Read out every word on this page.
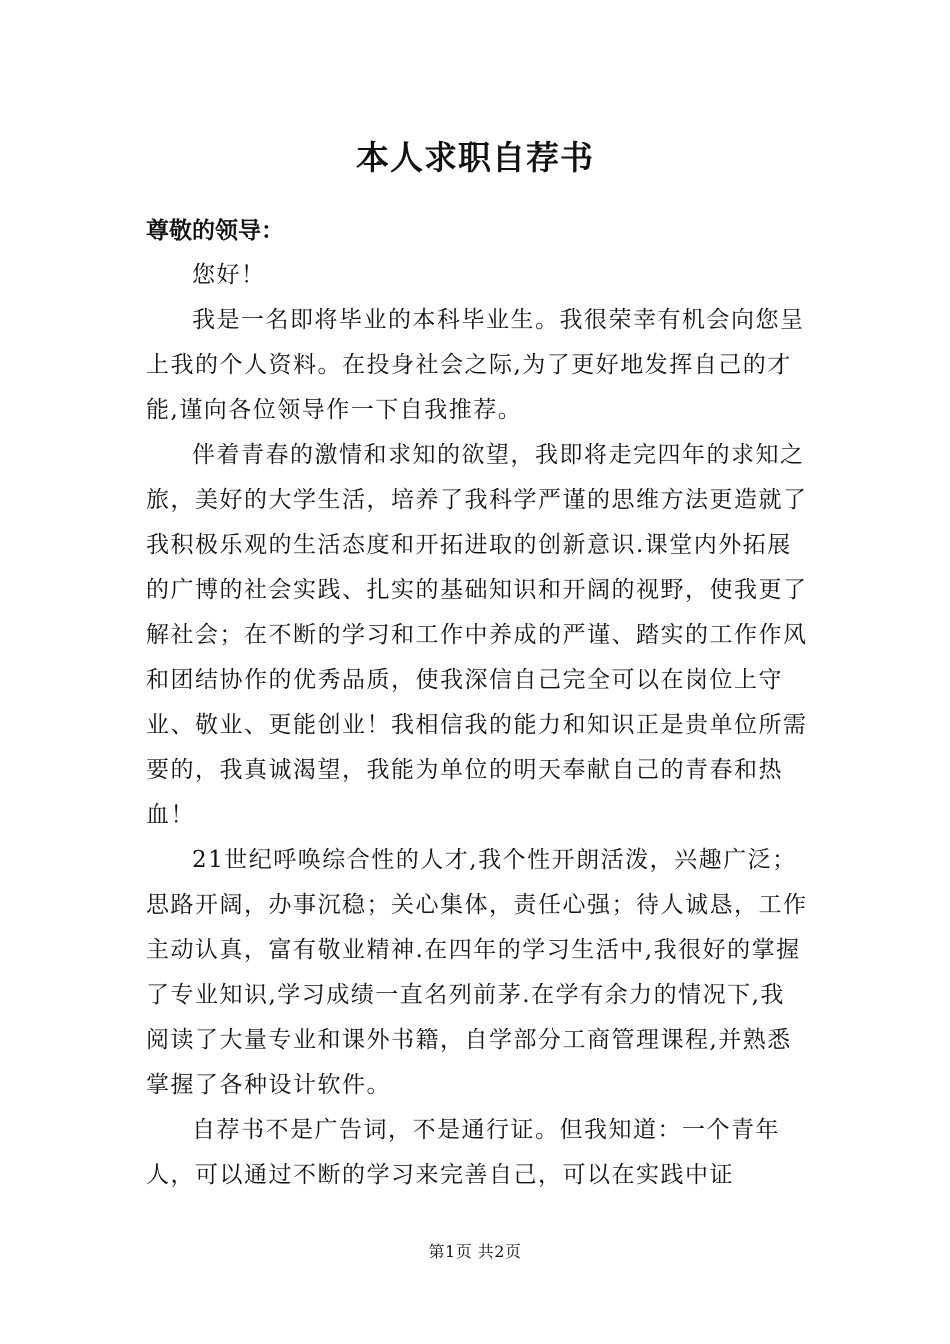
本人求职自荐书

尊敬的领导：

您好！

我是一名即将毕业的本科毕业生。我很荣幸有机会向您呈上我的个人资料。在投身社会之际,为了更好地发挥自己的才能,谨向各位领导作一下自我推荐。

伴着青春的激情和求知的欲望，我即将走完四年的求知之旅，美好的大学生活，培养了我科学严谨的思维方法更造就了我积极乐观的生活态度和开拓进取的创新意识.课堂内外拓展的广博的社会实践、扎实的基础知识和开阔的视野，使我更了解社会；在不断的学习和工作中养成的严谨、踏实的工作作风和团结协作的优秀品质，使我深信自己完全可以在岗位上守业、敬业、更能创业！我相信我的能力和知识正是贵单位所需要的，我真诚渴望，我能为单位的明天奉献自己的青春和热血！

21世纪呼唤综合性的人才,我个性开朗活泼，兴趣广泛；思路开阔，办事沉稳；关心集体，责任心强；待人诚恳，工作主动认真，富有敬业精神.在四年的学习生活中,我很好的掌握了专业知识,学习成绩一直名列前茅.在学有余力的情况下,我阅读了大量专业和课外书籍，自学部分工商管理课程,并熟悉掌握了各种设计软件。

自荐书不是广告词，不是通行证。但我知道：一个青年人，可以通过不断的学习来完善自己，可以在实践中证

第1页 共2页
